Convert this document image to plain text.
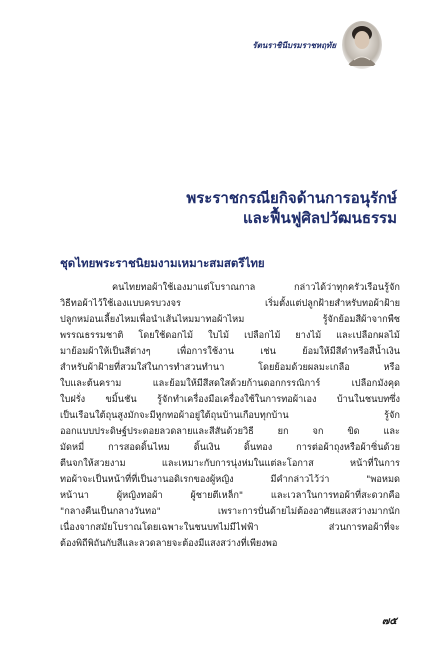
รัตนราชินีบรมราชหฤทัย
พระราชกรณียกิจด้านการอนุรักษ์
และฟื้นฟูศิลปวัฒนธรรม
ชุดไทยพระราชนิยมงามเหมาะสมสตรีไทย
คนไทยทอผ้าใช้เองมาแต่โบราณกาล กล่าวได้ว่าทุกครัวเรือนรู้จัก
วิธีทอผ้าไว้ใช้เองแบบครบวงจร เริ่มตั้งแต่ปลูกฝ้ายสำหรับทอผ้าฝ้าย
ปลูกหม่อนเลี้ยงไหมเพื่อนำเส้นไหมมาทอผ้าไหม รู้จักย้อมสีผ้าจากพืช
พรรณธรรมชาติ โดยใช้ดอกไม้ ใบไม้ เปลือกไม้ ยางไม้ และเปลือกผลไม้
มาย้อมผ้าให้เป็นสีต่างๆ เพื่อการใช้งาน เช่น ย้อมให้มีสีดำหรือสีน้ำเงิน
สำหรับผ้าฝ้ายที่สวมใส่ในการทำสวนทำนา โดยย้อมด้วยผลมะเกลือ หรือ
ใบและต้นคราม และย้อมให้มีสีสดใสด้วยก้านดอกกรรณิการ์ เปลือกมังคุด
ใบฝรั่ง ขมิ้นชัน รู้จักทำเครื่องมือเครื่องใช้ในการทอผ้าเอง บ้านในชนบทซึ่ง
เป็นเรือนใต้ถุนสูงมักจะมีหูกทอผ้าอยู่ใต้ถุนบ้านเกือบทุกบ้าน รู้จัก
ออกแบบประดิษฐ์ประดอยลวดลายและสีสันด้วยวิธี ยก จก ขิด และ
มัดหมี่ การสอดดิ้นไหม ดิ้นเงิน ดิ้นทอง การต่อผ้าถุงหรือผ้าซิ่นด้วย
ตีนจกให้สวยงาม และเหมาะกับการนุ่งห่มในแต่ละโอกาส หน้าที่ในการ
ทอผ้าจะเป็นหน้าที่ที่เป็นงานอดิเรกของผู้หญิง มีคำกล่าวไว้ว่า "พอหมด
หน้านา ผู้หญิงทอผ้า ผู้ชายตีเหล็ก" และเวลาในการทอผ้าที่สะดวกคือ
"กลางคืนเป็นกลางวันทอ" เพราะการปั่นด้ายไม่ต้องอาศัยแสงสว่างมากนัก
เนื่องจากสมัยโบราณโดยเฉพาะในชนบทไม่มีไฟฟ้า ส่วนการทอผ้าที่จะ
ต้องพิถีพิถันกับสีและลวดลายจะต้องมีแสงสว่างที่เพียงพอ
๗๕
